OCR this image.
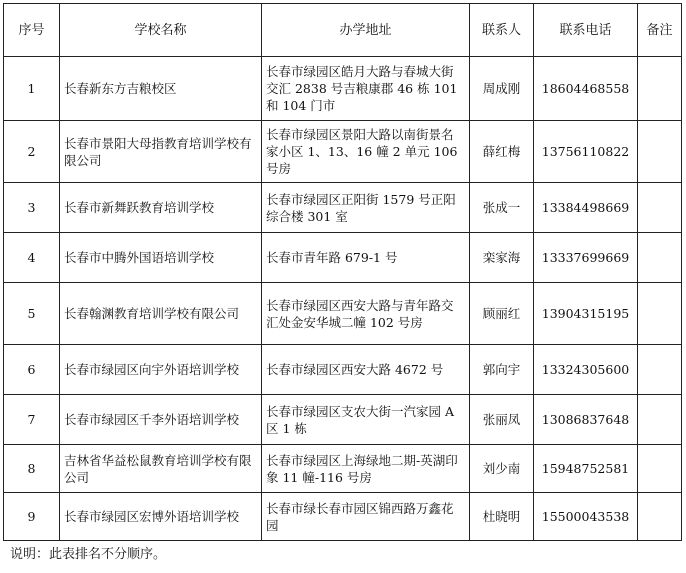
序号	学校名称	办学地址	联系人	联系电话	备注
1	长春新东方吉粮校区	长春市绿园区皓月大路与春城大街交汇 2838 号吉粮康郡 46 栋 101 和 104 门市	周成刚	18604468558	
2	长春市景阳大母指教育培训学校有限公司	长春市绿园区景阳大路以南街景名家小区 1、13、16 幢 2 单元 106 号房	薛红梅	13756110822	
3	长春市新舞跃教育培训学校	长春市绿园区正阳街 1579 号正阳综合楼 301 室	张成一	13384498669	
4	长春市中腾外国语培训学校	长春市青年路 679-1 号	栾家海	13337699669	
5	长春翰渊教育培训学校有限公司	长春市绿园区西安大路与青年路交汇处金安华城二幢 102 号房	顾丽红	13904315195	
6	长春市绿园区向宇外语培训学校	长春市绿园区西安大路 4672 号	郭向宇	13324305600	
7	长春市绿园区千李外语培训学校	长春市绿园区支农大街一汽家园 A 区 1 栋	张丽凤	13086837648	
8	吉林省华益松鼠教育培训学校有限公司	长春市绿园区上海绿地二期-英湖印象 11 幢-116 号房	刘少南	15948752581	
9	长春市绿园区宏博外语培训学校	长春市绿长春市园区锦西路万鑫花园	杜晓明	15500043538	
说明：此表排名不分顺序。
